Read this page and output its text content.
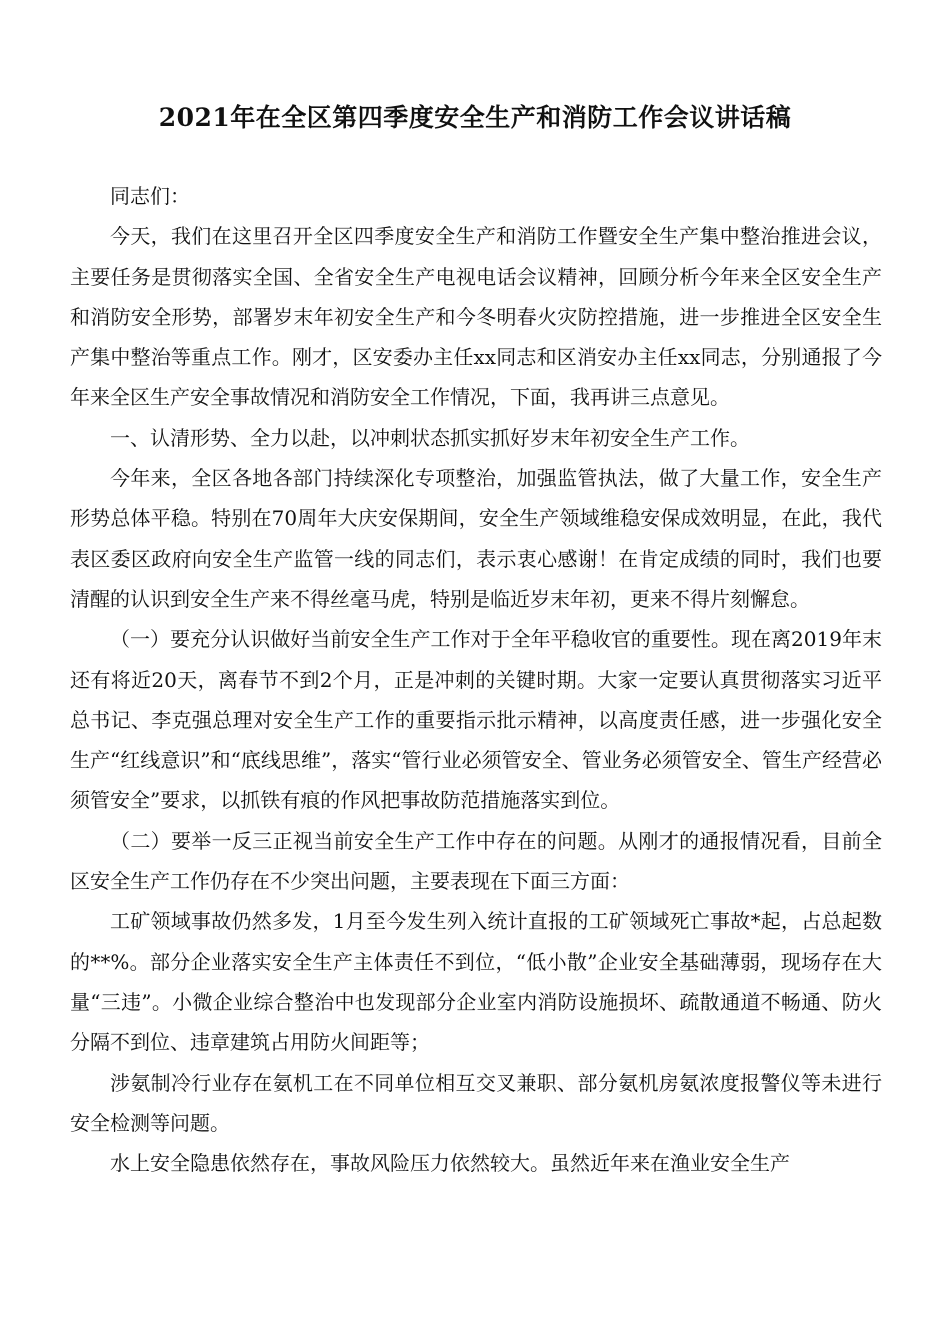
2021年在全区第四季度安全生产和消防工作会议讲话稿

同志们：

今天，我们在这里召开全区四季度安全生产和消防工作暨安全生产集中整治推进会议，主要任务是贯彻落实全国、全省安全生产电视电话会议精神，回顾分析今年来全区安全生产和消防安全形势，部署岁末年初安全生产和今冬明春火灾防控措施，进一步推进全区安全生产集中整治等重点工作。刚才，区安委办主任xx同志和区消安办主任xx同志，分别通报了今年来全区生产安全事故情况和消防安全工作情况，下面，我再讲三点意见。

一、认清形势、全力以赴，以冲刺状态抓实抓好岁末年初安全生产工作。

今年来，全区各地各部门持续深化专项整治，加强监管执法，做了大量工作，安全生产形势总体平稳。特别在70周年大庆安保期间，安全生产领域维稳安保成效明显，在此，我代表区委区政府向安全生产监管一线的同志们，表示衷心感谢！在肯定成绩的同时，我们也要清醒的认识到安全生产来不得丝毫马虎，特别是临近岁末年初，更来不得片刻懈怠。

（一）要充分认识做好当前安全生产工作对于全年平稳收官的重要性。现在离2019年末还有将近20天，离春节不到2个月，正是冲刺的关键时期。大家一定要认真贯彻落实习近平总书记、李克强总理对安全生产工作的重要指示批示精神，以高度责任感，进一步强化安全生产“红线意识”和“底线思维”，落实“管行业必须管安全、管业务必须管安全、管生产经营必须管安全”要求，以抓铁有痕的作风把事故防范措施落实到位。

（二）要举一反三正视当前安全生产工作中存在的问题。从刚才的通报情况看，目前全区安全生产工作仍存在不少突出问题，主要表现在下面三方面：

工矿领域事故仍然多发，1月至今发生列入统计直报的工矿领域死亡事故*起，占总起数的**%。部分企业落实安全生产主体责任不到位，“低小散”企业安全基础薄弱，现场存在大量“三违”。小微企业综合整治中也发现部分企业室内消防设施损坏、疏散通道不畅通、防火分隔不到位、违章建筑占用防火间距等；

涉氨制冷行业存在氨机工在不同单位相互交叉兼职、部分氨机房氨浓度报警仪等未进行安全检测等问题。

水上安全隐患依然存在，事故风险压力依然较大。虽然近年来在渔业安全生产
